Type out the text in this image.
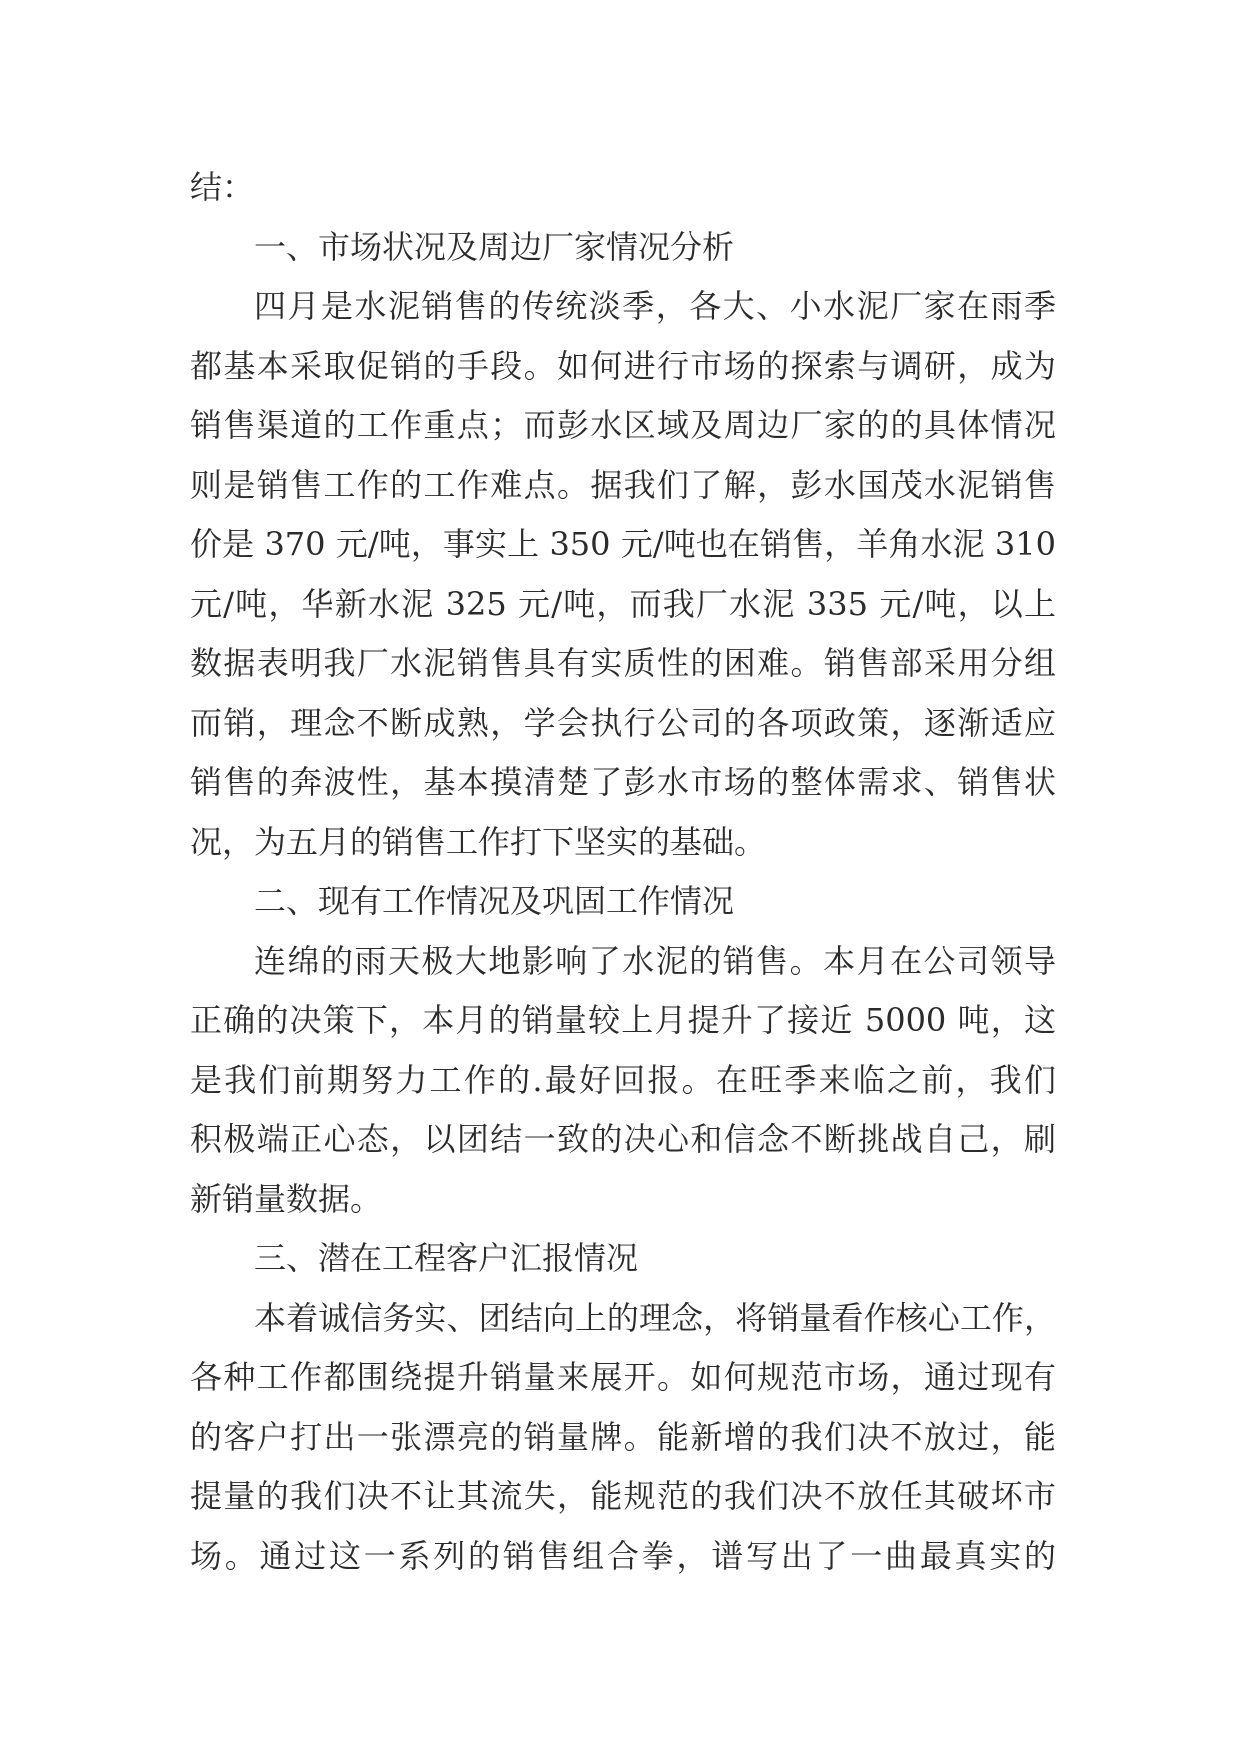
结：
一、市场状况及周边厂家情况分析
四月是水泥销售的传统淡季，各大、小水泥厂家在雨季
都基本采取促销的手段。如何进行市场的探索与调研，成为
销售渠道的工作重点；而彭水区域及周边厂家的的具体情况
则是销售工作的工作难点。据我们了解，彭水国茂水泥销售
价是 370 元/吨，事实上 350 元/吨也在销售，羊角水泥 310
元/吨，华新水泥 325 元/吨，而我厂水泥 335 元/吨，以上
数据表明我厂水泥销售具有实质性的困难。销售部采用分组
而销，理念不断成熟，学会执行公司的各项政策，逐渐适应
销售的奔波性，基本摸清楚了彭水市场的整体需求、销售状
况，为五月的销售工作打下坚实的基础。
二、现有工作情况及巩固工作情况
连绵的雨天极大地影响了水泥的销售。本月在公司领导
正确的决策下，本月的销量较上月提升了接近 5000 吨，这
是我们前期努力工作的.最好回报。在旺季来临之前，我们
积极端正心态，以团结一致的决心和信念不断挑战自己，刷
新销量数据。
三、潜在工程客户汇报情况
本着诚信务实、团结向上的理念，将销量看作核心工作，
各种工作都围绕提升销量来展开。如何规范市场，通过现有
的客户打出一张漂亮的销量牌。能新增的我们决不放过，能
提量的我们决不让其流失，能规范的我们决不放任其破坏市
场。通过这一系列的销售组合拳，谱写出了一曲最真实的
